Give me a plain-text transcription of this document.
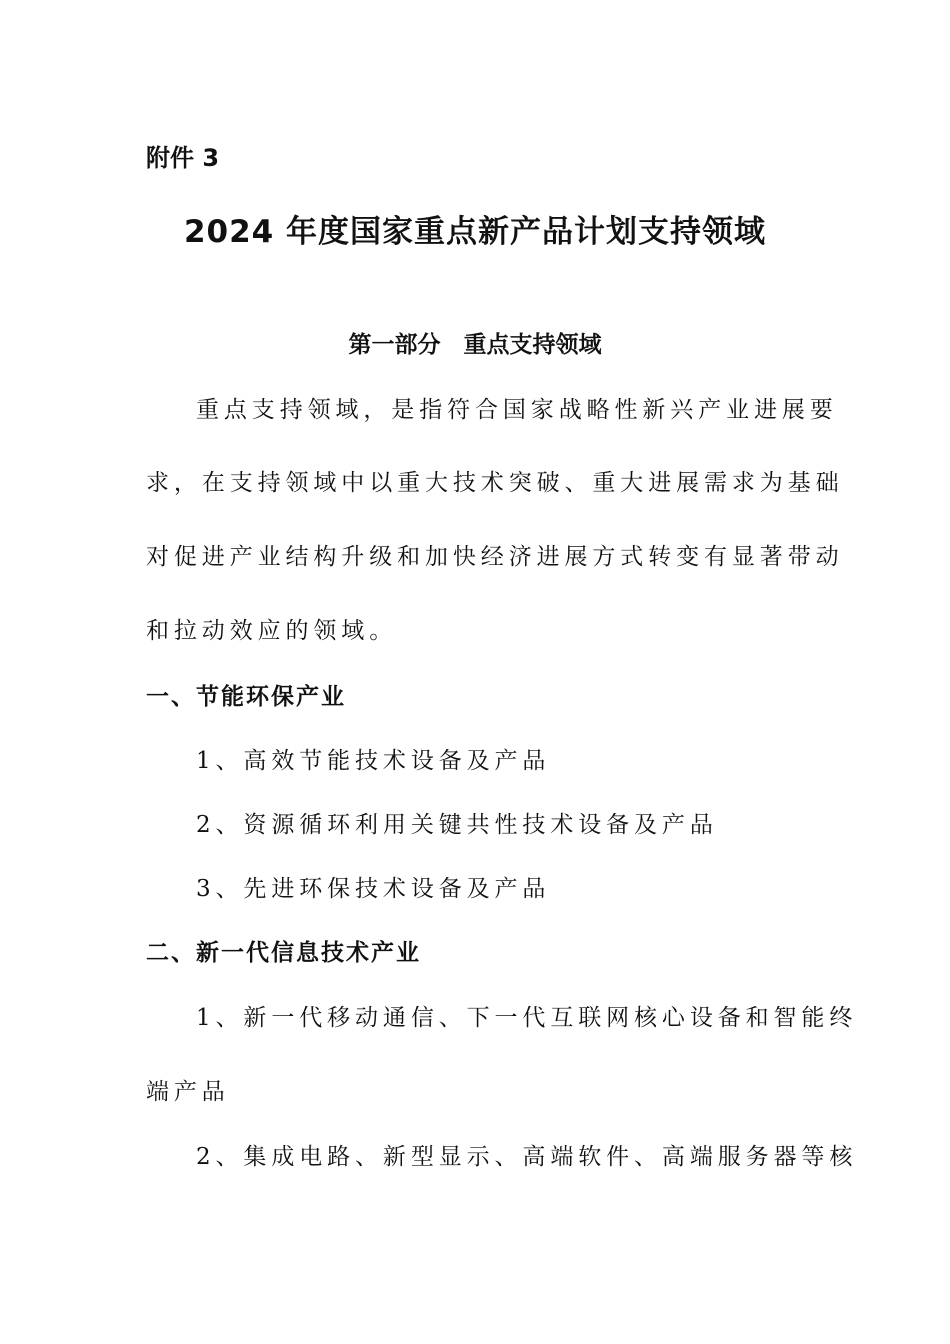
附件 3

2024 年度国家重点新产品计划支持领域
第一部分　重点支持领域

重点支持领域，是指符合国家战略性新兴产业进展要

求，在支持领域中以重大技术突破、重大进展需求为基础

对促进产业结构升级和加快经济进展方式转变有显著带动

和拉动效应的领域。

一、节能环保产业

1、高效节能技术设备及产品

2、资源循环利用关键共性技术设备及产品

3、先进环保技术设备及产品

二、新一代信息技术产业

1、新一代移动通信、下一代互联网核心设备和智能终

端产品

2、集成电路、新型显示、高端软件、高端服务器等核
